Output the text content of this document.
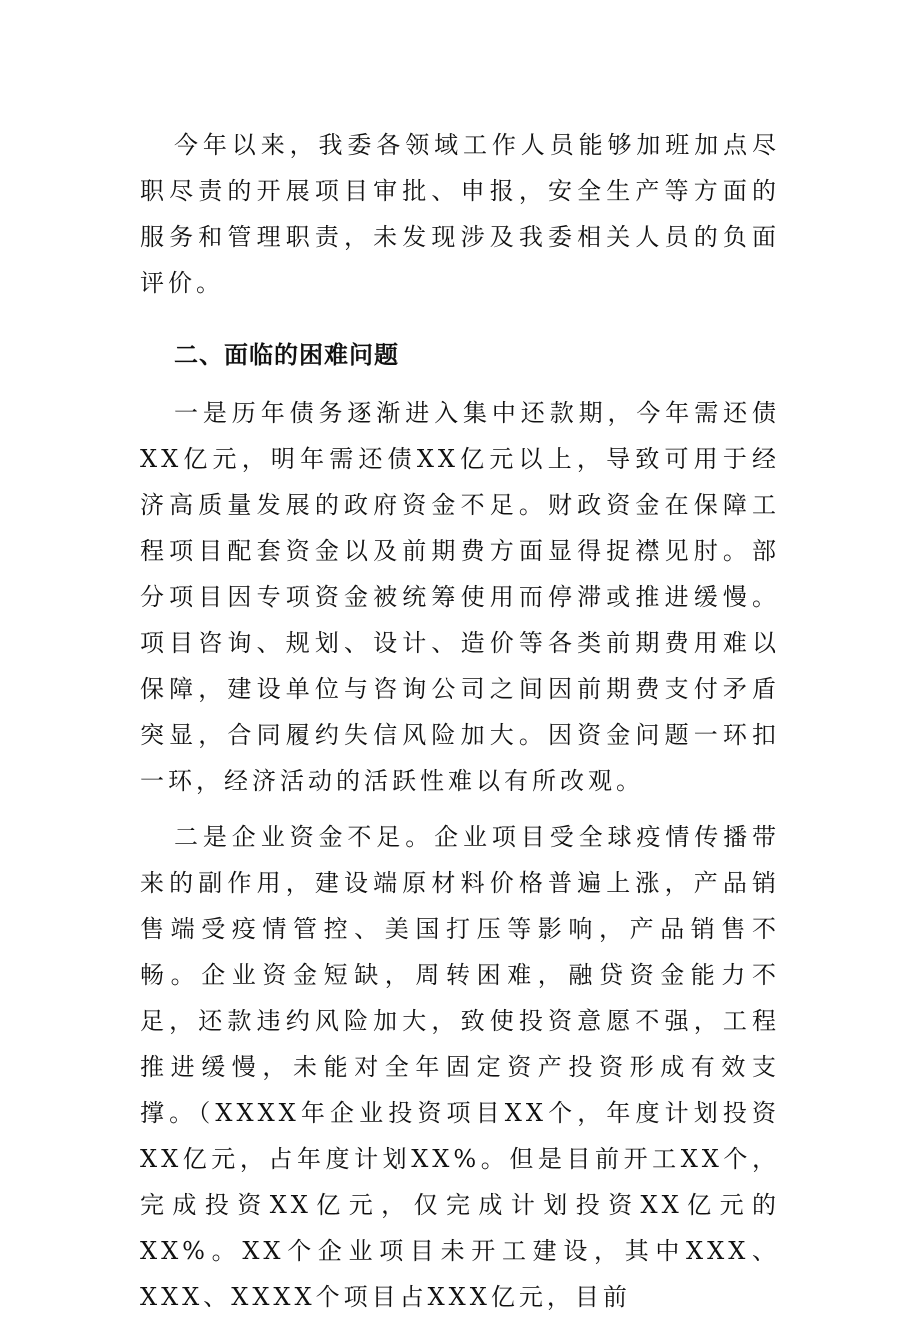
今年以来，我委各领域工作人员能够加班加点尽职尽责的开展项目审批、申报，安全生产等方面的服务和管理职责，未发现涉及我委相关人员的负面评价。

二、面临的困难问题

一是历年债务逐渐进入集中还款期，今年需还债XX亿元，明年需还债XX亿元以上，导致可用于经济高质量发展的政府资金不足。财政资金在保障工程项目配套资金以及前期费方面显得捉襟见肘。部分项目因专项资金被统筹使用而停滞或推进缓慢。项目咨询、规划、设计、造价等各类前期费用难以保障，建设单位与咨询公司之间因前期费支付矛盾突显，合同履约失信风险加大。因资金问题一环扣一环，经济活动的活跃性难以有所改观。

二是企业资金不足。企业项目受全球疫情传播带来的副作用，建设端原材料价格普遍上涨，产品销售端受疫情管控、美国打压等影响，产品销售不畅。企业资金短缺，周转困难，融贷资金能力不足，还款违约风险加大，致使投资意愿不强，工程推进缓慢，未能对全年固定资产投资形成有效支撑。（XXXX年企业投资项目XX个，年度计划投资XX亿元，占年度计划XX%。但是目前开工XX个，完成投资XX亿元，仅完成计划投资XX亿元的XX%。XX个企业项目未开工建设，其中XXX、XXX、XXXX个项目占XXX亿元，目前
